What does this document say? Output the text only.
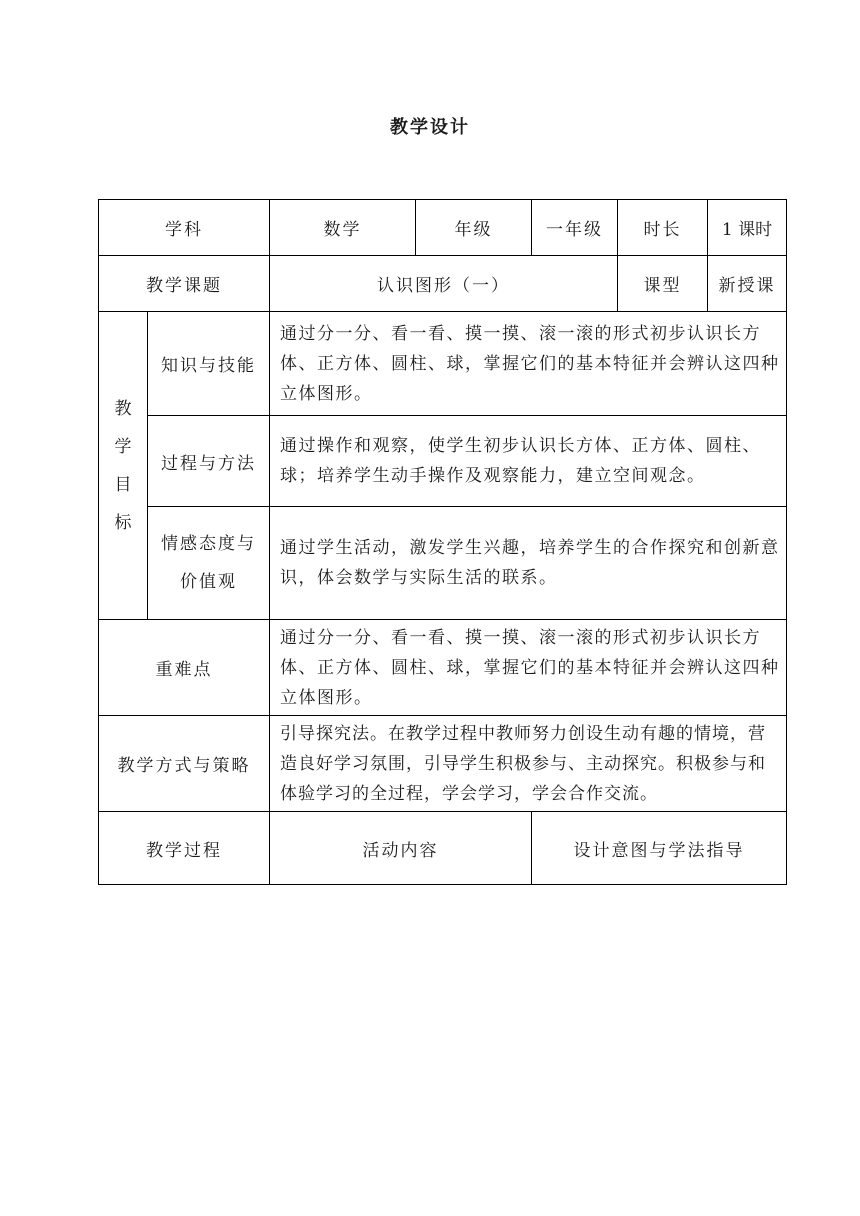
教学设计
学科		数学	年级	一年级	时长	1 课时
教学课题		认识图形（一）			课型	新授课

教
学
目
标	知识与技能	通过分一分、看一看、摸一摸、滚一滚的形式初步认识长方体、正方体、圆柱、球，掌握它们的基本特征并会辨认这四种立体图形。				
	过程与方法	通过操作和观察，使学生初步认识长方体、正方体、圆柱、球；培养学生动手操作及观察能力，建立空间观念。				

	情感态度与
价值观	通过学生活动，激发学生兴趣，培养学生的合作探究和创新意识，体会数学与实际生活的联系。				
重难点		通过分一分、看一看、摸一摸、滚一滚的形式初步认识长方体、正方体、圆柱、球，掌握它们的基本特征并会辨认这四种立体图形。				
教学方式与策略		引导探究法。在教学过程中教师努力创设生动有趣的情境，营造良好学习氛围，引导学生积极参与、主动探究。积极参与和体验学习的全过程，学会学习，学会合作交流。				
教学过程		活动内容		设计意图与学法指导		
